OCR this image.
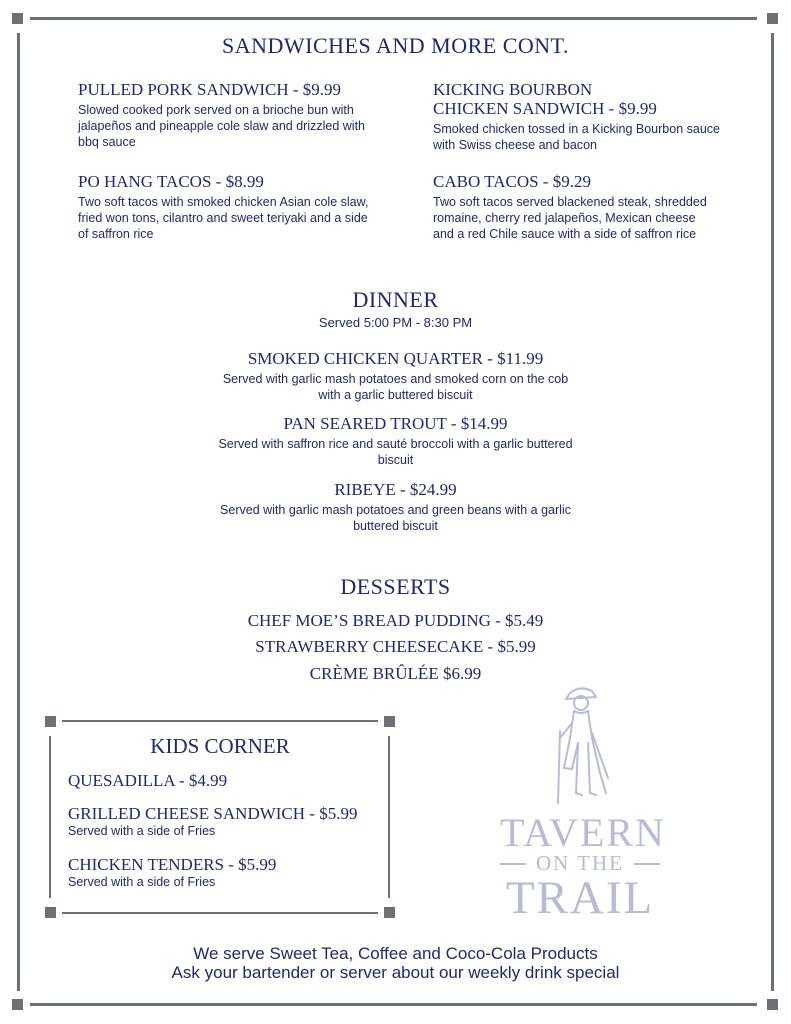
SANDWICHES AND MORE CONT.
PULLED PORK SANDWICH - $9.99
Slowed cooked pork served on a brioche bun with jalapeños and pineapple cole slaw and drizzled with bbq sauce
KICKING BOURBON
CHICKEN SANDWICH - $9.99
Smoked chicken tossed in a Kicking Bourbon sauce with Swiss cheese and bacon
PO HANG TACOS - $8.99
Two soft tacos with smoked chicken Asian cole slaw, fried won tons, cilantro and sweet teriyaki and a side of saffron rice
CABO TACOS - $9.29
Two soft tacos served blackened steak, shredded romaine, cherry red jalapeños, Mexican cheese and a red Chile sauce with a side of saffron rice
DINNER
Served 5:00 PM - 8:30 PM
SMOKED CHICKEN QUARTER - $11.99
Served with garlic mash potatoes and smoked corn on the cob
with a garlic buttered biscuit
PAN SEARED TROUT - $14.99
Served with saffron rice and sauté broccoli with a garlic buttered
biscuit
RIBEYE - $24.99
Served with garlic mash potatoes and green beans with a garlic
buttered biscuit
DESSERTS
CHEF MOE’S BREAD PUDDING - $5.49
STRAWBERRY CHEESECAKE - $5.99
CRÈME BRÛLÉE $6.99
KIDS CORNER
QUESADILLA - $4.99
GRILLED CHEESE SANDWICH - $5.99
Served with a side of Fries
CHICKEN TENDERS - $5.99
Served with a side of Fries
TAVERN
ON THE
TRAIL
We serve Sweet Tea, Coffee and Coco-Cola Products
Ask your bartender or server about our weekly drink special
